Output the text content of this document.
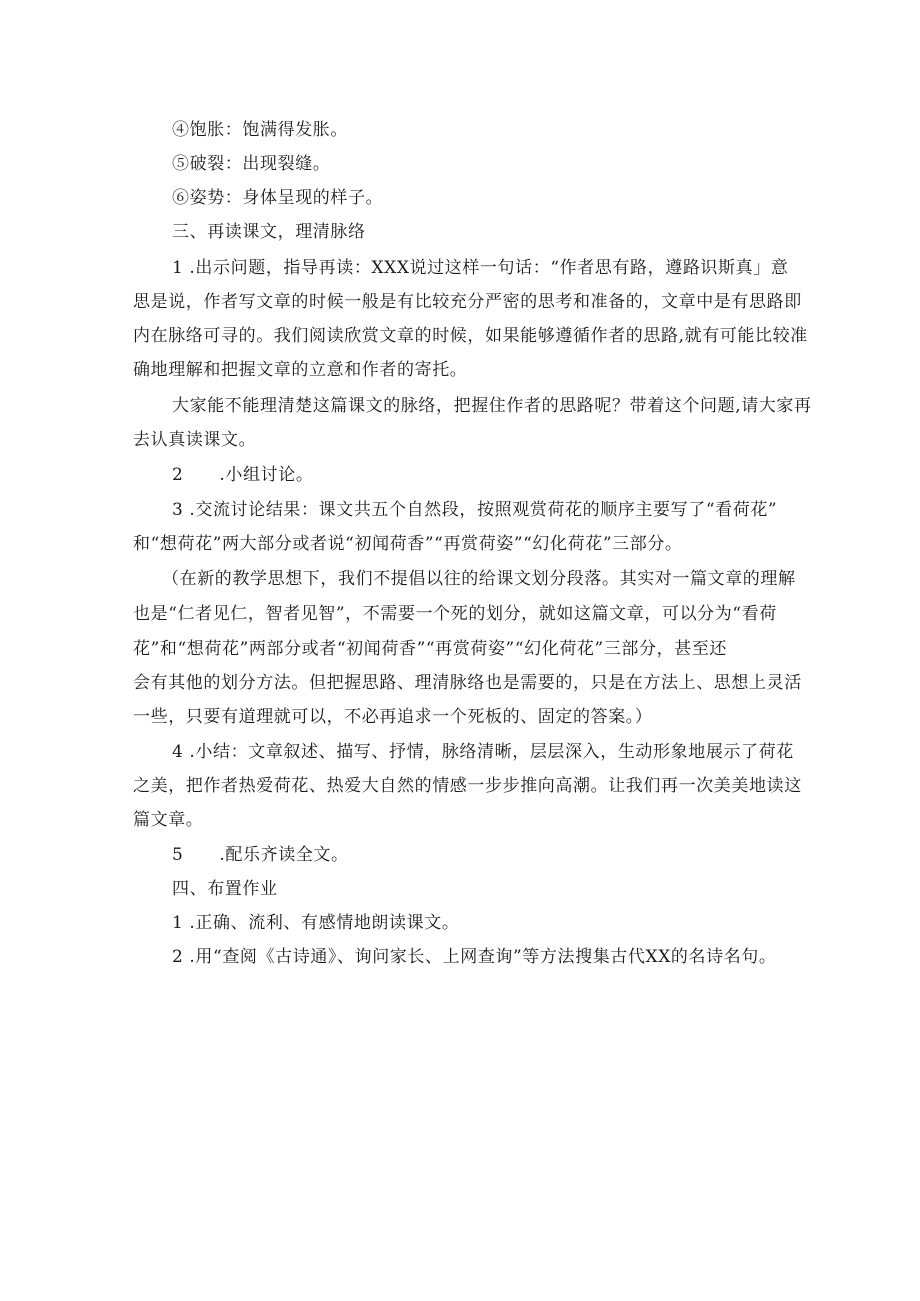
④饱胀：饱满得发胀。
⑤破裂：出现裂缝。
⑥姿势：身体呈现的样子。
三、再读课文，理清脉络
1 .出示问题，指导再读：XXX说过这样一句话：“作者思有路，遵路识斯真」意
思是说，作者写文章的时候一般是有比较充分严密的思考和准备的，文章中是有思路即
内在脉络可寻的。我们阅读欣赏文章的时候，如果能够遵循作者的思路,就有可能比较准
确地理解和把握文章的立意和作者的寄托。
大家能不能理清楚这篇课文的脉络，把握住作者的思路呢？带着这个问题,请大家再
去认真读课文。
2 .小组讨论。
3 .交流讨论结果：课文共五个自然段，按照观赏荷花的顺序主要写了“看荷花”
和“想荷花”两大部分或者说“初闻荷香”“再赏荷姿”“幻化荷花”三部分。
（在新的教学思想下，我们不提倡以往的给课文划分段落。其实对一篇文章的理解
也是“仁者见仁，智者见智”，不需要一个死的划分，就如这篇文章，可以分为“看荷
花”和“想荷花”两部分或者“初闻荷香”“再赏荷姿”“幻化荷花”三部分，甚至还
会有其他的划分方法。但把握思路、理清脉络也是需要的，只是在方法上、思想上灵活
一些，只要有道理就可以，不必再追求一个死板的、固定的答案。）
4 .小结：文章叙述、描写、抒情，脉络清晰，层层深入，生动形象地展示了荷花
之美，把作者热爱荷花、热爱大自然的情感一步步推向高潮。让我们再一次美美地读这
篇文章。
5 .配乐齐读全文。
四、布置作业
1 .正确、流利、有感情地朗读课文。
2 .用“查阅《古诗通》、询问家长、上网查询”等方法搜集古代XX的名诗名句。
